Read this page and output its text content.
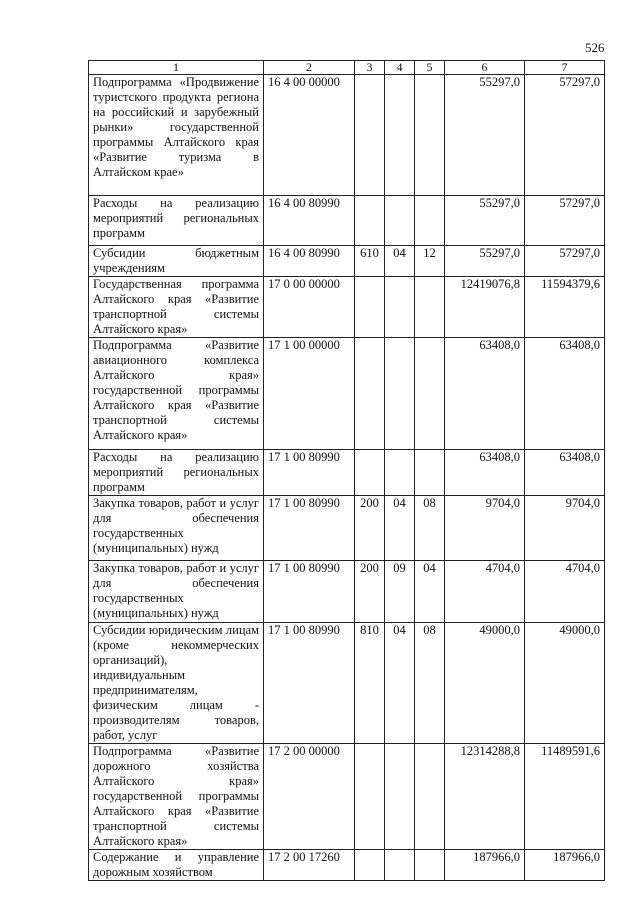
526
1	2	3	4	5	6	7
Подпрограмма «Продвижение туристского продукта региона на российский и зарубежный рынки» государственной программы Алтайского края «Развитие туризма в Алтайском крае»	16 4 00 00000				55297,0	57297,0
Расходы на реализацию мероприятий региональных программ	16 4 00 80990				55297,0	57297,0
Субсидии бюджетным учреждениям	16 4 00 80990	610	04	12	55297,0	57297,0
Государственная программа Алтайского края «Развитие транспортной системы Алтайского края»	17 0 00 00000				12419076,8	11594379,6
Подпрограмма «Развитие авиационного комплекса Алтайского края» государственной программы Алтайского края «Развитие транспортной системы Алтайского края»	17 1 00 00000				63408,0	63408,0
Расходы на реализацию мероприятий региональных программ	17 1 00 80990				63408,0	63408,0
Закупка товаров, работ и услуг для обеспечения государственных (муниципальных) нужд	17 1 00 80990	200	04	08	9704,0	9704,0
Закупка товаров, работ и услуг для обеспечения государственных (муниципальных) нужд	17 1 00 80990	200	09	04	4704,0	4704,0
Субсидии юридическим лицам (кроме некоммерческих организаций), индивидуальным предпринимателям, физическим лицам - производителям товаров, работ, услуг	17 1 00 80990	810	04	08	49000,0	49000,0
Подпрограмма «Развитие дорожного хозяйства Алтайского края» государственной программы Алтайского края «Развитие транспортной системы Алтайского края»	17 2 00 00000				12314288,8	11489591,6
Содержание и управление дорожным хозяйством	17 2 00 17260				187966,0	187966,0
